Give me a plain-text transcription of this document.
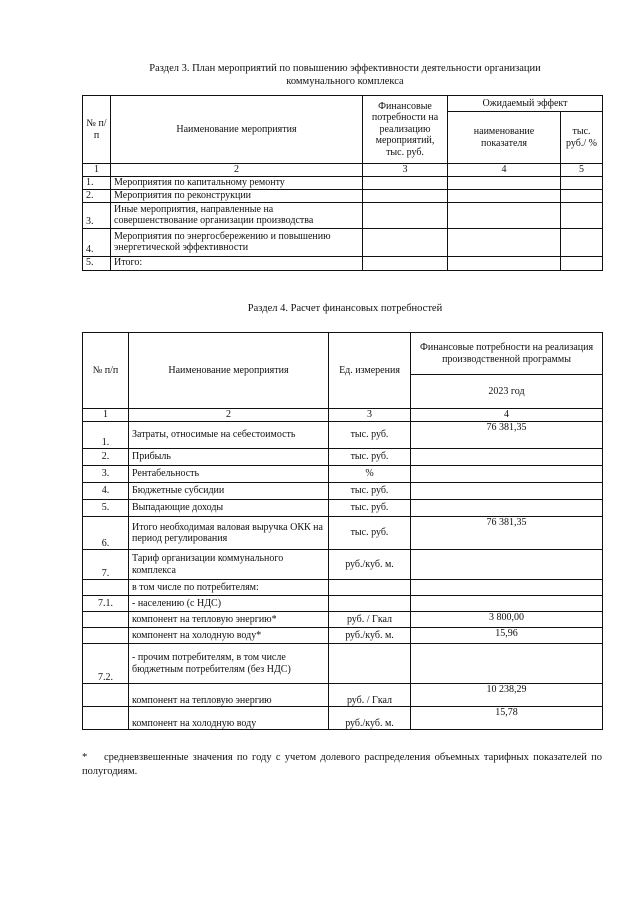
Раздел 3. План мероприятий по повышению эффективности деятельности организации
коммунального комплекса
№ п/п	Наименование мероприятия	Финансовые потребности на реализацию мероприятий, тыс. руб.	Ожидаемый эффект	
			наименование показателя	тыс. руб./ %
1	2	3	4	5
1.	Мероприятия по капитальному ремонту			
2.	Мероприятия по реконструкции			
3.	Иные мероприятия, направленные на совершенствование организации производства			
4.	Мероприятия по энергосбережению и повышению энергетической эффективности			
5.	Итого:			
Раздел 4. Расчет финансовых потребностей
№ п/п	Наименование мероприятия	Ед. измерения	Финансовые потребности на реализация производственной программы
			2023 год
1	2	3	4
1.	Затраты, относимые на себестоимость	тыс. руб.	76 381,35
2.	Прибыль	тыс. руб.	
3.	Рентабельность	%	
4.	Бюджетные субсидии	тыс. руб.	
5.	Выпадающие доходы	тыс. руб.	
6.	Итого необходимая валовая выручка ОКК на период регулирования	тыс. руб.	76 381,35
7.	Тариф организации коммунального комплекса	руб./куб. м.	
	в том числе по потребителям:		
7.1.	- населению (с НДС)		
	компонент на тепловую энергию*	руб. / Гкал	3 800,00
	компонент на холодную воду*	руб./куб. м.	15,96
7.2.	- прочим потребителям, в том числе бюджетным потребителям (без НДС)		
	компонент на тепловую энергию	руб. / Гкал	10 238,29
	компонент на холодную воду	руб./куб. м.	15,78
* средневзвешенные значения по году с учетом долевого распределения объемных тарифных показателей по полугодиям.
